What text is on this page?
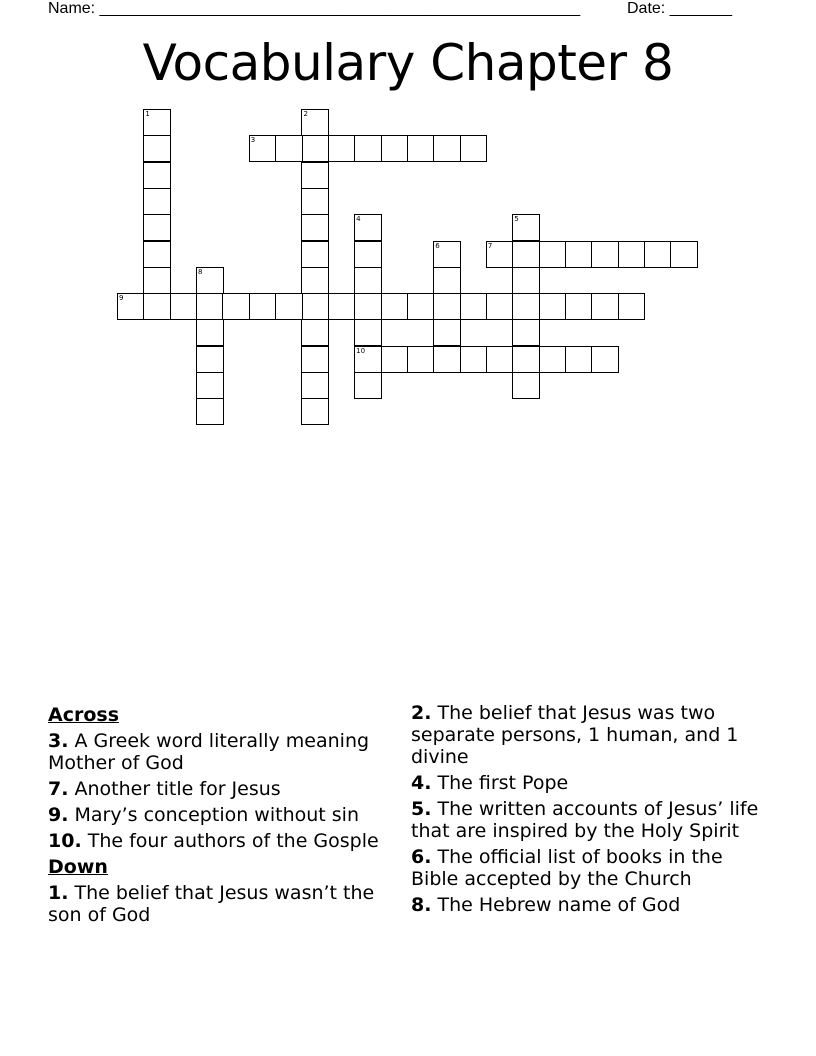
Name: ______________________________________________________	Date: _______
Vocabulary Chapter 8
1	2
3
4
10
5
6	7
8
9
Across
3. A Greek word literally meaning Mother of God
7. Another title for Jesus
9. Mary’s conception without sin
10. The four authors of the Gosple
Down
1. The belief that Jesus wasn’t the son of God
2. The belief that Jesus was two separate persons, 1 human, and 1 divine
4. The first Pope
5. The written accounts of Jesus’ life that are inspired by the Holy Spirit
6. The official list of books in the Bible accepted by the Church
8. The Hebrew name of God
